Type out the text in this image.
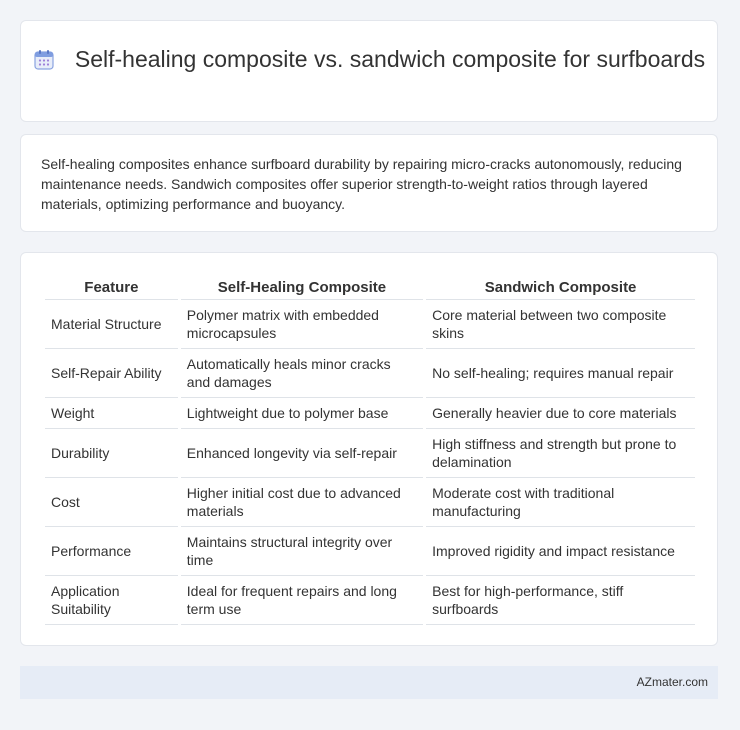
Self-healing composite vs. sandwich composite for surfboards

Self-healing composites enhance surfboard durability by repairing micro-cracks autonomously, reducing maintenance needs. Sandwich composites offer superior strength-to-weight ratios through layered materials, optimizing performance and buoyancy.

Feature	Self-Healing Composite	Sandwich Composite
Material Structure	Polymer matrix with embedded microcapsules	Core material between two composite skins
Self-Repair Ability	Automatically heals minor cracks and damages	No self-healing; requires manual repair
Weight	Lightweight due to polymer base	Generally heavier due to core materials
Durability	Enhanced longevity via self-repair	High stiffness and strength but prone to delamination
Cost	Higher initial cost due to advanced materials	Moderate cost with traditional manufacturing
Performance	Maintains structural integrity over time	Improved rigidity and impact resistance
Application Suitability	Ideal for frequent repairs and long term use	Best for high-performance, stiff surfboards
AZmater.com
